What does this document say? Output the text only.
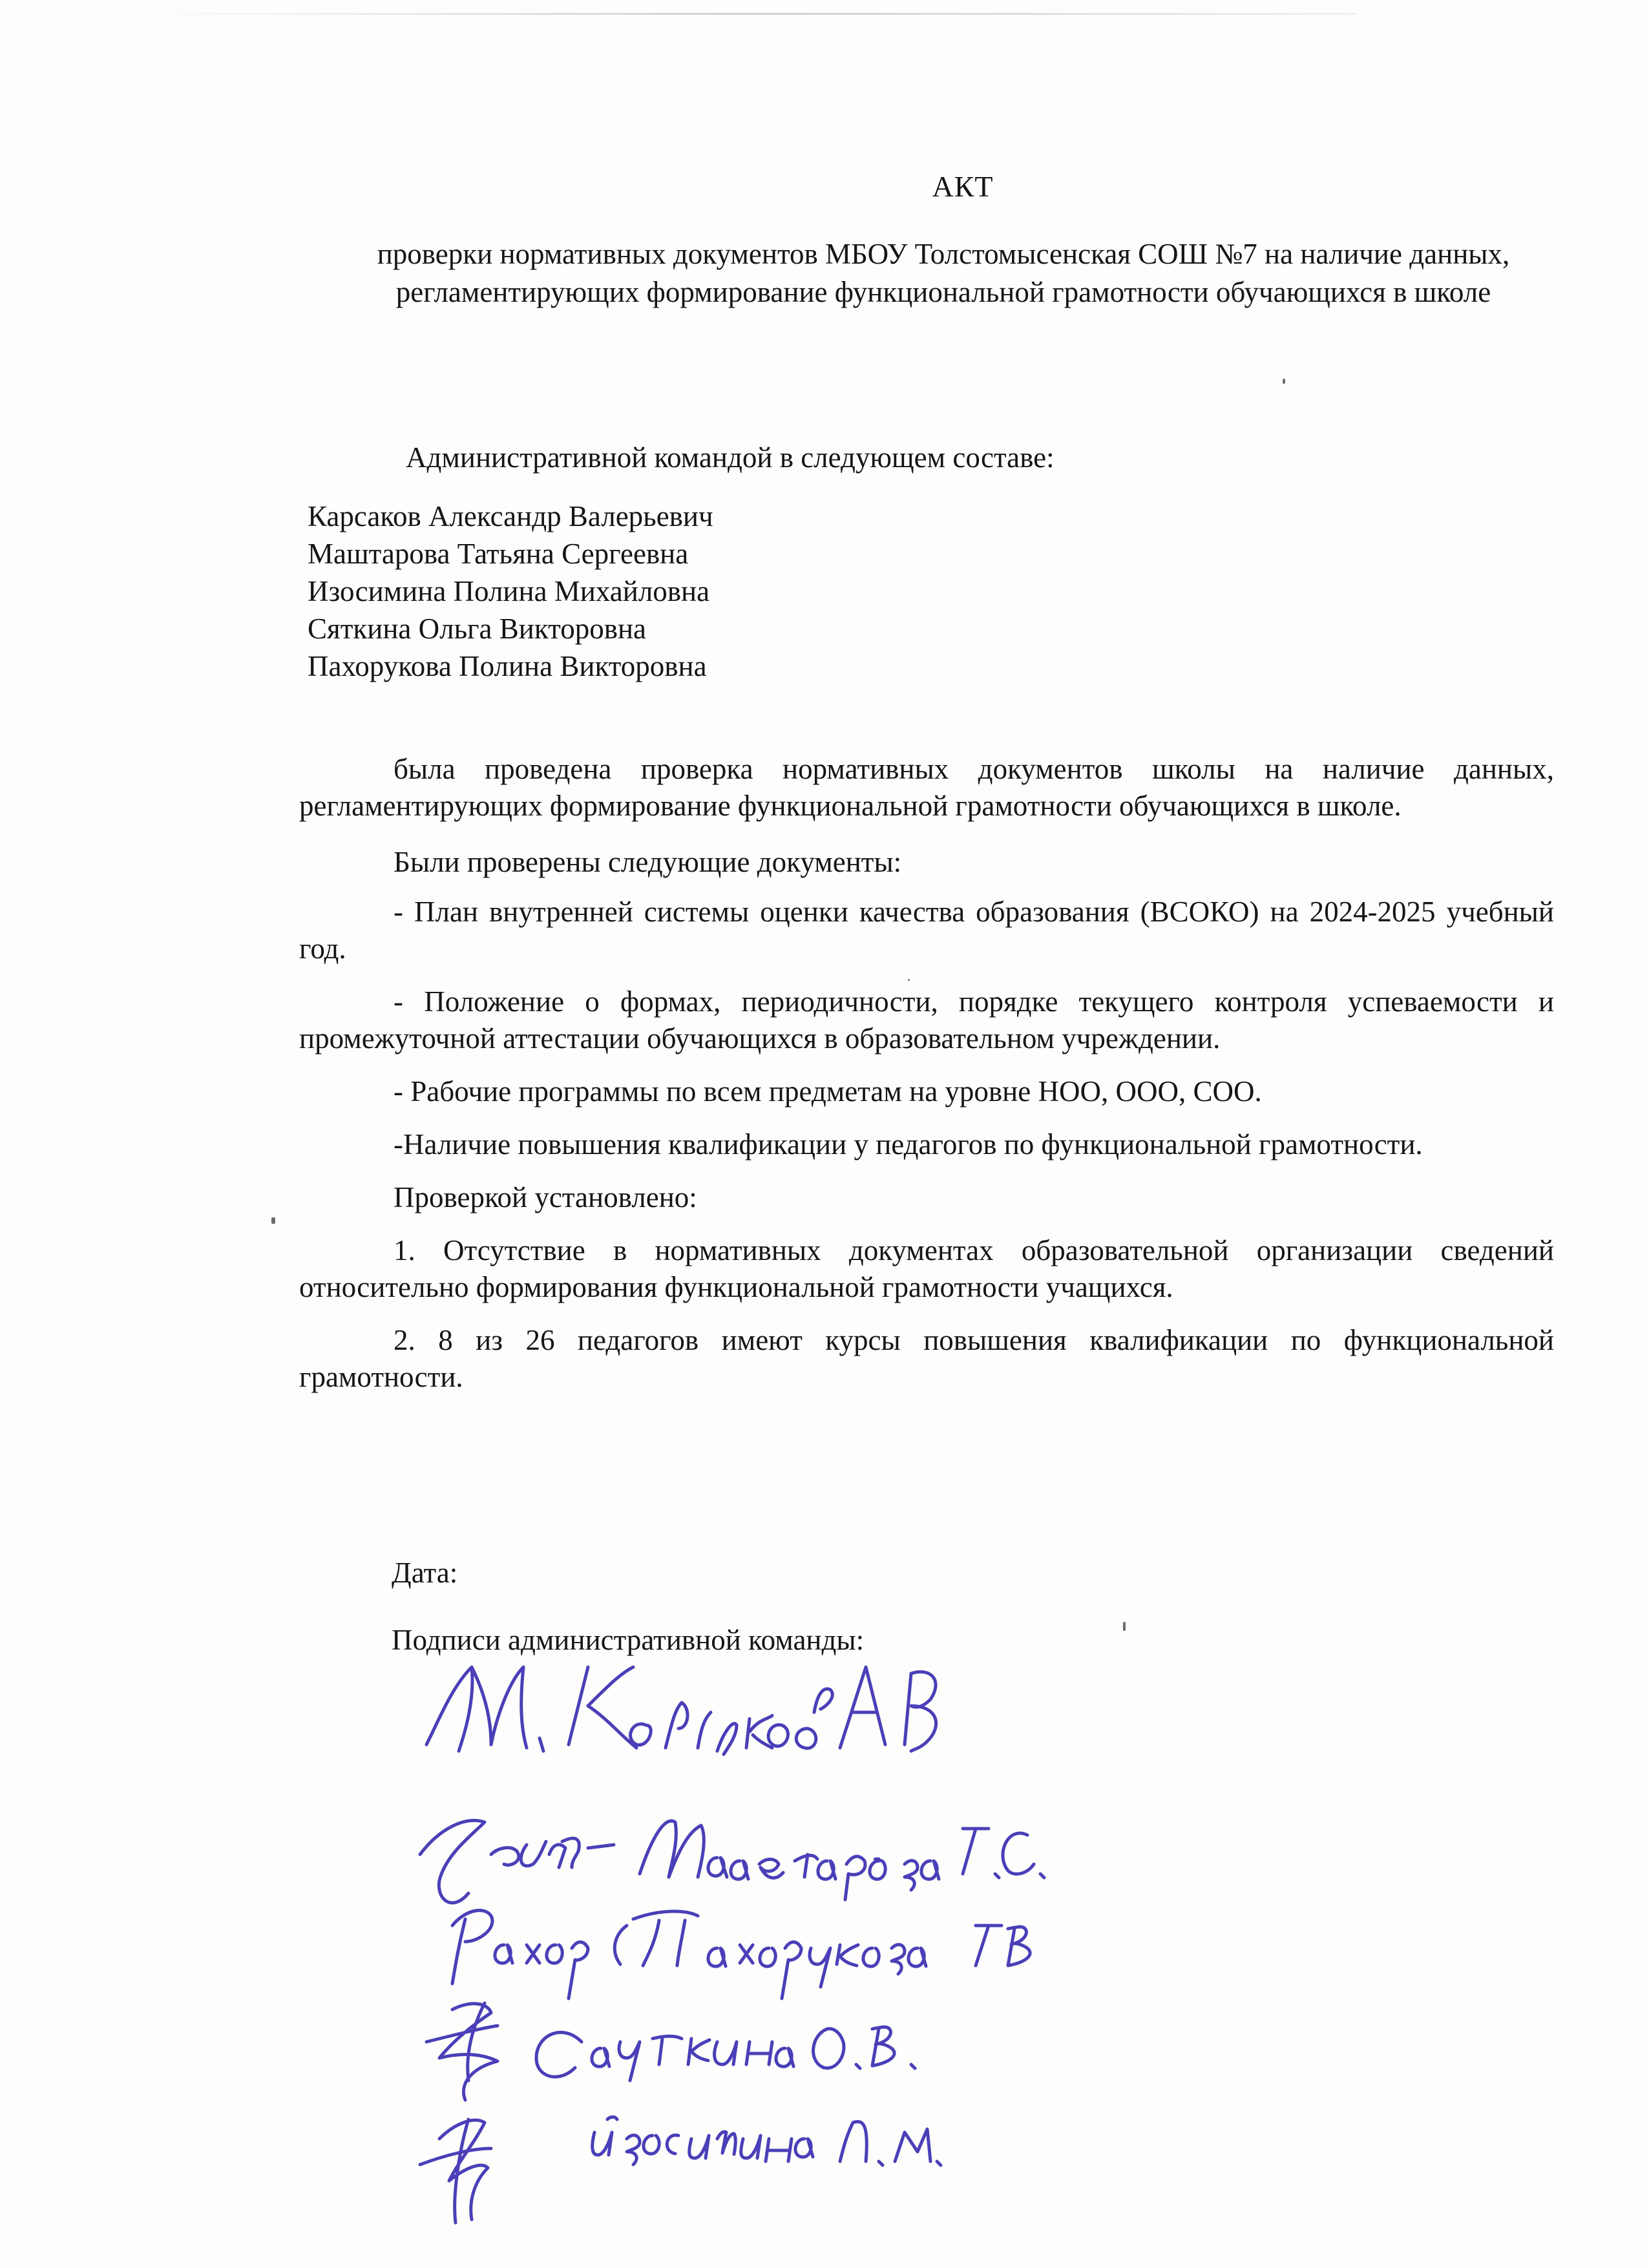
АКТ
проверки нормативных документов МБОУ Толстомысенская СОШ №7 на наличие данных, регламентирующих формирование функциональной грамотности обучающихся в школе

Административной командой в следующем составе:

Карсаков Александр Валерьевич
Маштарова Татьяна Сергеевна
Изосимина Полина Михайловна
Сяткина Ольга Викторовна
Пахорукова Полина Викторовна

была проведена проверка нормативных документов школы на наличие данных, регламентирующих формирование функциональной грамотности обучающихся в школе.

Были проверены следующие документы:

- План внутренней системы оценки качества образования (ВСОКО) на 2024-2025 учебный год.

- Положение о формах, периодичности, порядке текущего контроля успеваемости и промежуточной аттестации обучающихся в образовательном учреждении.

- Рабочие программы по всем предметам на уровне НОО, ООО, СОО.

-Наличие повышения квалификации у педагогов по функциональной грамотности.

Проверкой установлено:

1. Отсутствие в нормативных документах образовательной организации сведений относительно формирования функциональной грамотности учащихся.

2. 8 из 26 педагогов имеют курсы повышения квалификации по функциональной грамотности.

Дата:

Подписи административной команды:
